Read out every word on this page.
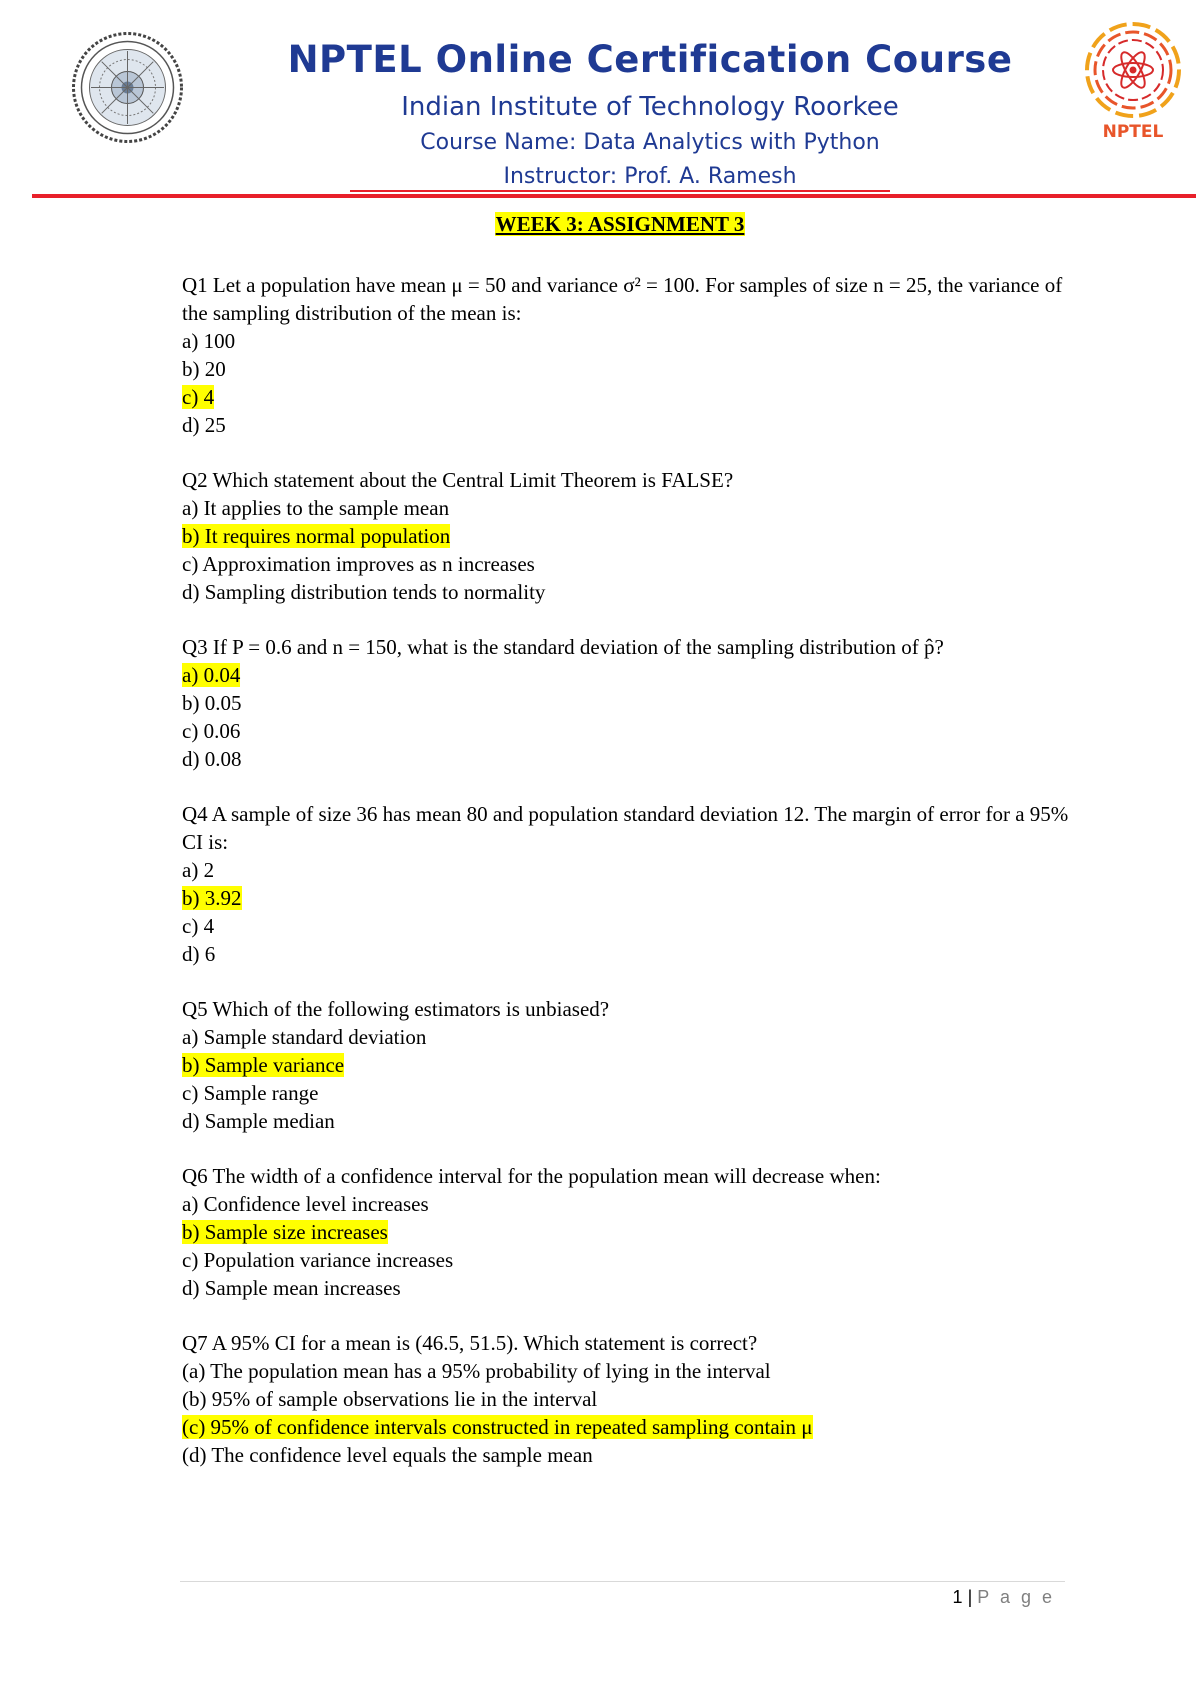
NPTEL
NPTEL Online Certification Course
Indian Institute of Technology Roorkee
Course Name: Data Analytics with Python
Instructor: Prof. A. Ramesh
WEEK 3: ASSIGNMENT 3
Q1 Let a population have mean μ = 50 and variance σ² = 100. For samples of size n = 25, the variance of the sampling distribution of the mean is:
a) 100
b) 20
c) 4
d) 25
Q2 Which statement about the Central Limit Theorem is FALSE?
a) It applies to the sample mean
b) It requires normal population
c) Approximation improves as n increases
d) Sampling distribution tends to normality
Q3 If P = 0.6 and n = 150, what is the standard deviation of the sampling distribution of p̂?
a) 0.04
b) 0.05
c) 0.06
d) 0.08
Q4 A sample of size 36 has mean 80 and population standard deviation 12. The margin of error for a 95% CI is:
a) 2
b) 3.92
c) 4
d) 6
Q5 Which of the following estimators is unbiased?
a) Sample standard deviation
b) Sample variance
c) Sample range
d) Sample median
Q6 The width of a confidence interval for the population mean will decrease when:
a) Confidence level increases
b) Sample size increases
c) Population variance increases
d) Sample mean increases
Q7 A 95% CI for a mean is (46.5, 51.5). Which statement is correct?
(a) The population mean has a 95% probability of lying in the interval
(b) 95% of sample observations lie in the interval
(c) 95% of confidence intervals constructed in repeated sampling contain μ
(d) The confidence level equals the sample mean
1 | P a g e
